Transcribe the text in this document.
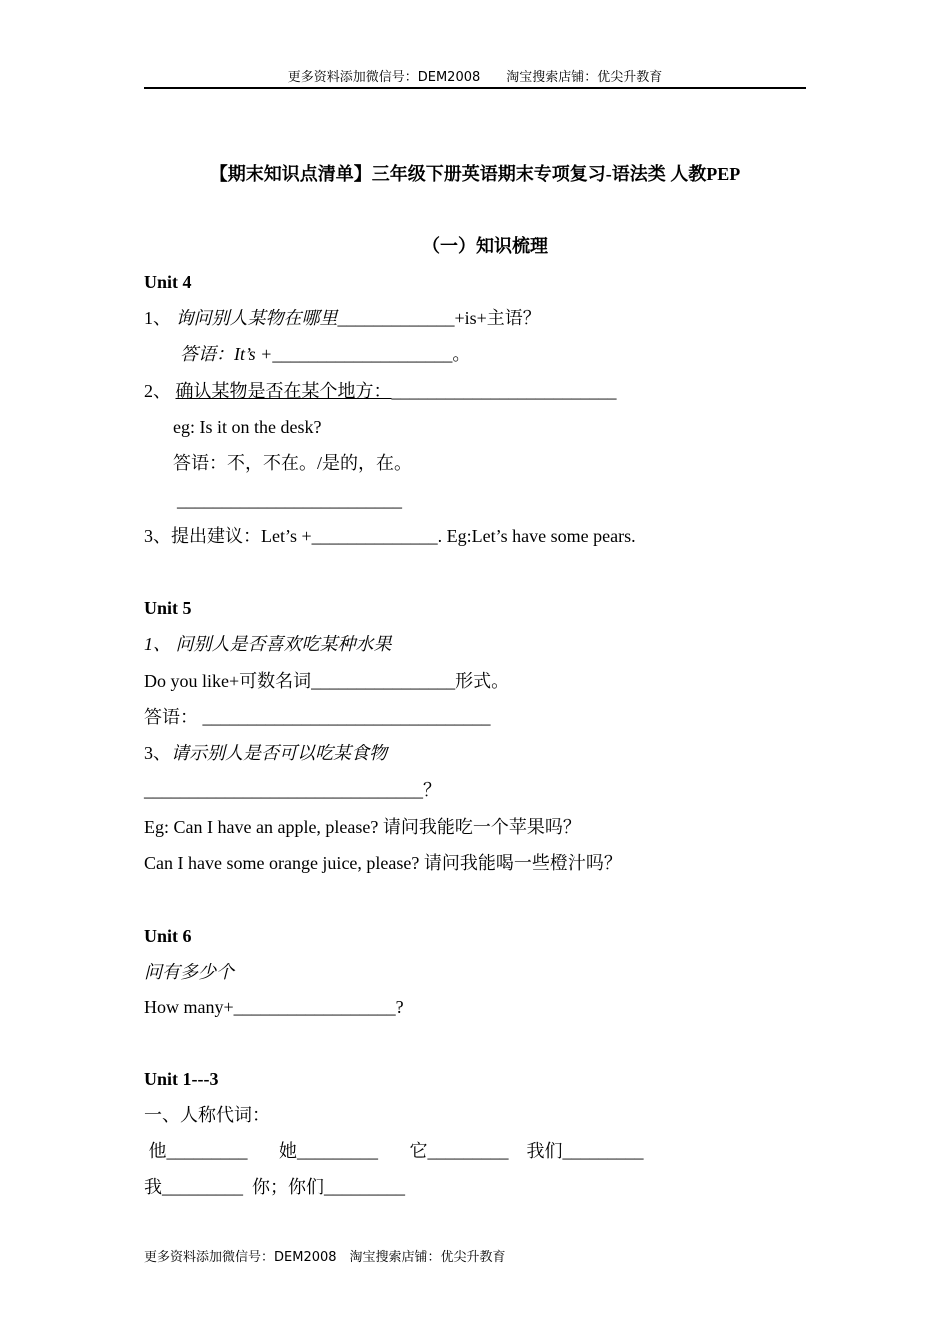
更多资料添加微信号：DEM2008　　淘宝搜索店铺：优尖升教育
【期末知识点清单】三年级下册英语期末专项复习-语法类 人教PEP
（一）知识梳理
Unit 4
1、 询问别人某物在哪里_____________+is+主语？
答语：It’s +____________________。
2、 确认某物是否在某个地方：_________________________
eg: Is it on the desk?
答语：不，不在。/是的，在。
_________________________
3、提出建议：Let’s +______________. Eg:Let’s have some pears.
Unit 5
1、 问别人是否喜欢吃某种水果
Do you like+可数名词________________形式。
答语： ________________________________
3、请示别人是否可以吃某食物
_______________________________？
Eg: Can I have an apple, please? 请问我能吃一个苹果吗？
Can I have some orange juice, please? 请问我能喝一些橙汁吗？
Unit 6
问有多少个
How many+__________________?
Unit 1---3
一、人称代词：
他_________       她_________       它_________    我们_________
我_________  你；你们_________
更多资料添加微信号：DEM2008　淘宝搜索店铺：优尖升教育
